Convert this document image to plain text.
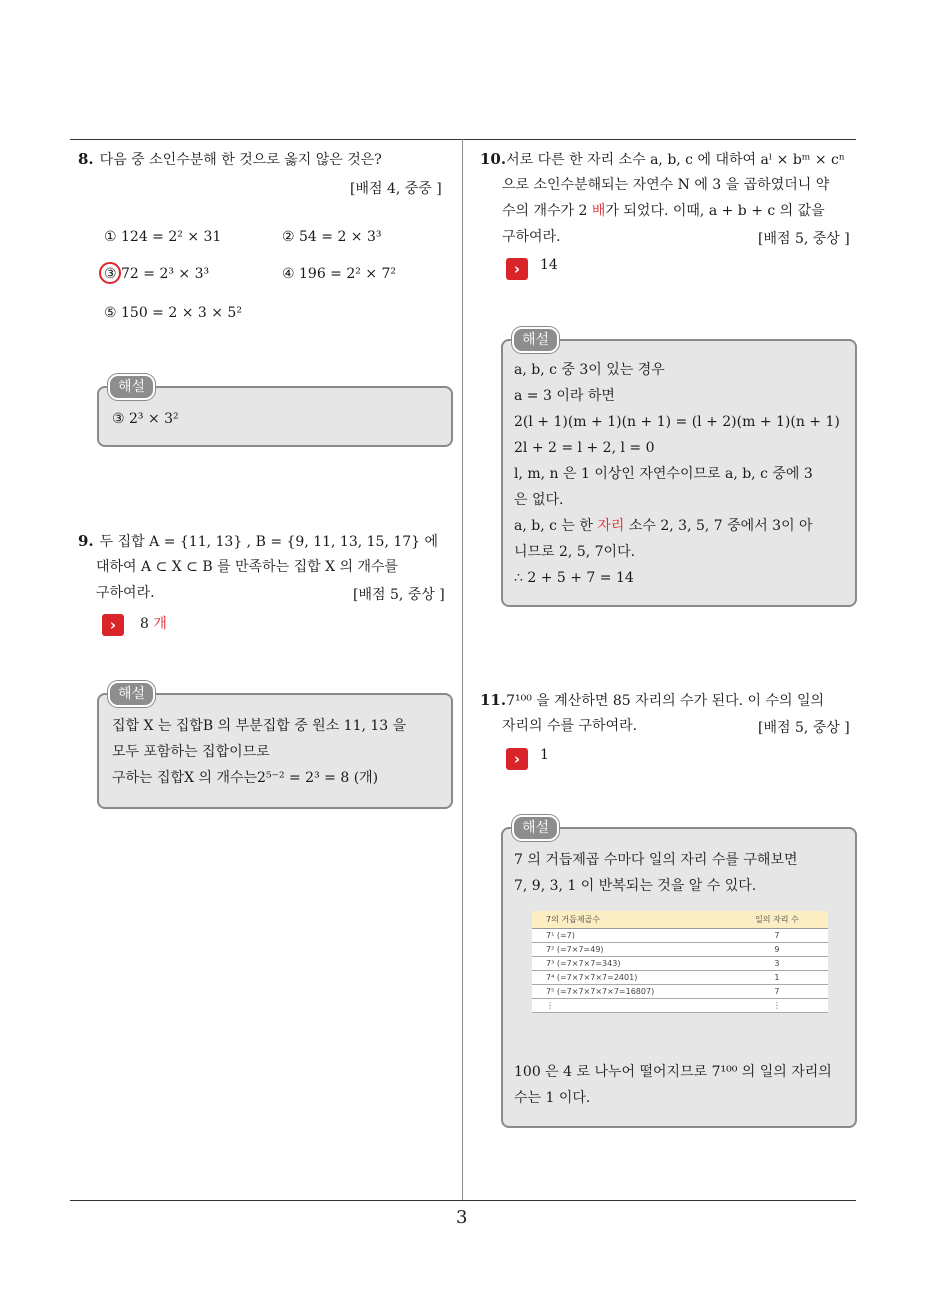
8. 다음 중 소인수분해 한 것으로 옳지 않은 것은?
[배점 4, 중중 ]
① 124 = 2² × 31	② 54 = 2 × 3³
③ 72 = 2³ × 3³	④ 196 = 2² × 7²
⑤ 150 = 2 × 3 × 5²
③ 2³ × 3²
해설
9. 두 집합 A = {11, 13} , B = {9, 11, 13, 15, 17} 에
대하여 A ⊂ X ⊂ B 를 만족하는 집합 X 의 개수를
구하여라.	[배점 5, 중상 ]
›	8 개
집합 X 는 집합B 의 부분집합 중 원소 11, 13 을
모두 포함하는 집합이므로
구하는 집합X 의 개수는2⁵⁻² = 2³ = 8 (개)
해설
10.서로 다른 한 자리 소수 a, b, c 에 대하여 aˡ × bᵐ × cⁿ
으로 소인수분해되는 자연수 N 에 3 을 곱하였더니 약
수의 개수가 2 배가 되었다. 이때, a + b + c 의 값을
구하여라.	[배점 5, 중상 ]
›	14
a, b, c 중 3이 있는 경우
a = 3 이라 하면
2(l + 1)(m + 1)(n + 1) = (l + 2)(m + 1)(n + 1)
2l + 2 = l + 2, l = 0
l, m, n 은 1 이상인 자연수이므로 a, b, c 중에 3
은 없다.
a, b, c 는 한 자리 소수 2, 3, 5, 7 중에서 3이 아
니므로 2, 5, 7이다.
∴ 2 + 5 + 7 = 14
해설
11.7¹⁰⁰ 을 계산하면 85 자리의 수가 된다. 이 수의 일의
자리의 수를 구하여라.	[배점 5, 중상 ]
›	1
7 의 거듭제곱 수마다 일의 자리 수를 구해보면
7, 9, 3, 1 이 반복되는 것을 알 수 있다.
7의 거듭제곱수	일의 자리 수
7¹ (=7)	7
7² (=7×7=49)	9
7³ (=7×7×7=343)	3
7⁴ (=7×7×7×7=2401)	1
7⁵ (=7×7×7×7×7=16807)	7
⋮	⋮
100 은 4 로 나누어 떨어지므로 7¹⁰⁰ 의 일의 자리의
수는 1 이다.
해설
3
